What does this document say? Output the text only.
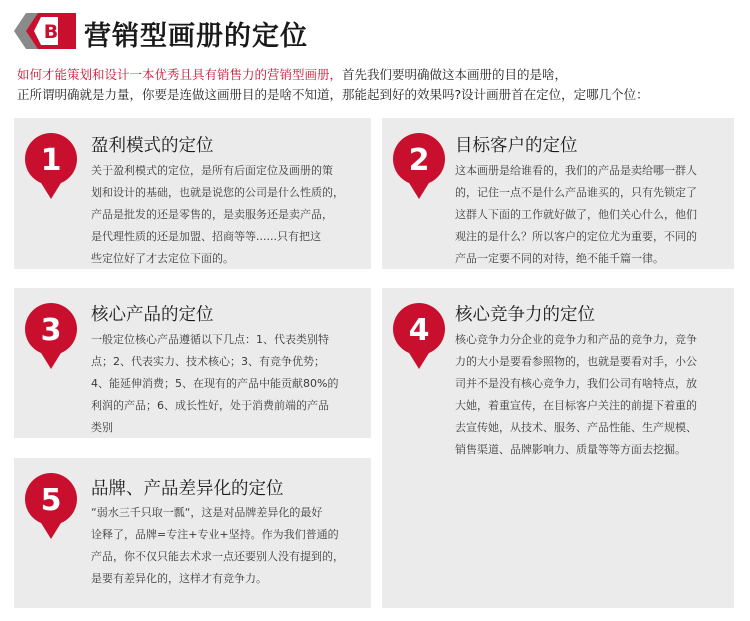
B 营销型画册的定位
如何才能策划和设计一本优秀且具有销售力的营销型画册，首先我们要明确做这本画册的目的是啥，
正所谓明确就是力量，你要是连做这画册目的是啥不知道，那能起到好的效果吗?设计画册首在定位，定哪几个位：
1 盈利模式的定位
关于盈利模式的定位，是所有后面定位及画册的策
划和设计的基础，也就是说您的公司是什么性质的，
产品是批发的还是零售的，是卖服务还是卖产品，
是代理性质的还是加盟、招商等等......只有把这
些定位好了才去定位下面的。
2 目标客户的定位
这本画册是给谁看的，我们的产品是卖给哪一群人
的，记住一点不是什么产品谁买的，只有先锁定了
这群人下面的工作就好做了，他们关心什么，他们
观注的是什么？所以客户的定位尤为重要，不同的
产品一定要不同的对待，绝不能千篇一律。
3 核心产品的定位
一般定位核心产品遵循以下几点：1、代表类别特
点；2、代表实力、技术核心；3、有竞争优势；
4、能延伸消费；5、在现有的产品中能贡献80%的
利润的产品；6、成长性好，处于消费前端的产品
类别
4 核心竞争力的定位
核心竞争力分企业的竞争力和产品的竞争力，竞争
力的大小是要看参照物的，也就是要看对手，小公
司并不是没有核心竞争力，我们公司有啥特点，放
大她，着重宣传，在目标客户关注的前提下着重的
去宣传她，从技术、服务、产品性能、生产规模、
销售渠道、品牌影响力、质量等等方面去挖掘。
5 品牌、产品差异化的定位
“弱水三千只取一瓢“，这是对品牌差异化的最好
诠释了，品牌=专注+专业+坚持。作为我们普通的
产品，你不仅只能去术求一点还要别人没有提到的，
是要有差异化的，这样才有竞争力。
